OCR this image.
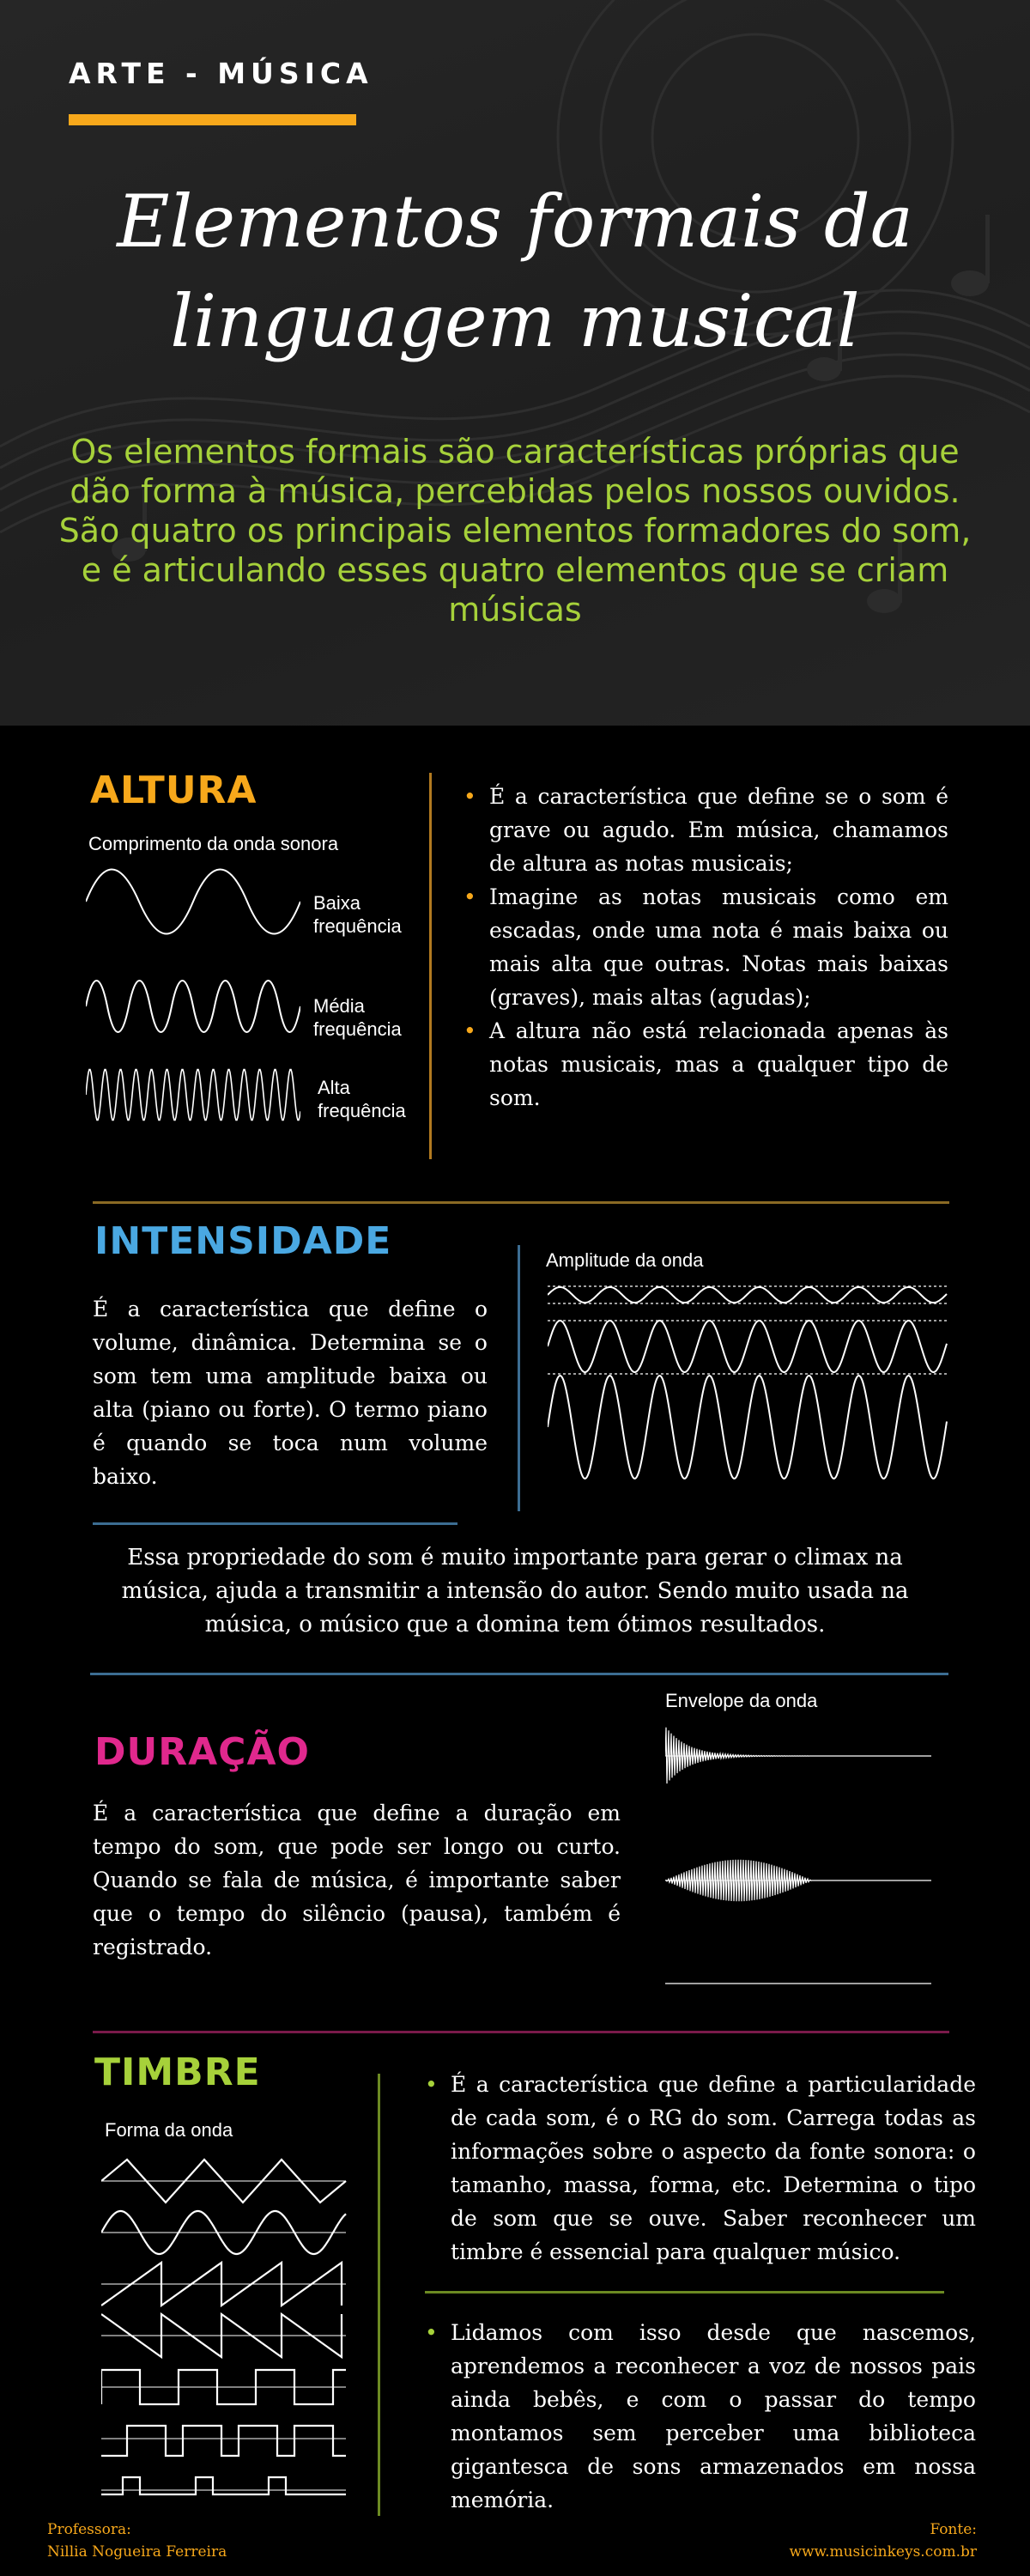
ARTE - MÚSICA
Elementos formais da
linguagem musical
Os elementos formais são características próprias que dão forma à música, percebidas pelos nossos ouvidos. São quatro os principais elementos formadores do som, e é articulando esses quatro elementos que se criam músicas
ALTURA
Comprimento da onda sonora
Baixa
frequência
Média
frequência
Alta
frequência
• É a característica que define se o som é grave ou agudo. Em música, chamamos de altura as notas musicais;
• Imagine as notas musicais como em escadas, onde uma nota é mais baixa ou mais alta que outras. Notas mais baixas (graves), mais altas (agudas);
• A altura não está relacionada apenas às notas musicais, mas a qualquer tipo de som.
INTENSIDADE
É a característica que define o volume, dinâmica. Determina se o som tem uma amplitude baixa ou alta (piano ou forte). O termo piano é quando se toca num volume baixo.
Amplitude da onda
Essa propriedade do som é muito importante para gerar o climax na música, ajuda a transmitir a intensão do autor. Sendo muito usada na música, o músico que a domina tem ótimos resultados.
Envelope da onda
DURAÇÃO
É a característica que define a duração em tempo do som, que pode ser longo ou curto. Quando se fala de música, é importante saber que o tempo do silêncio (pausa), também é registrado.
TIMBRE
Forma da onda
• É a característica que define a particularidade de cada som, é o RG do som. Carrega todas as informações sobre o aspecto da fonte sonora: o tamanho, massa, forma, etc. Determina o tipo de som que se ouve. Saber reconhecer um timbre é essencial para qualquer músico.
• Lidamos com isso desde que nascemos, aprendemos a reconhecer a voz de nossos pais ainda bebês, e com o passar do tempo montamos sem perceber uma biblioteca gigantesca de sons armazenados em nossa memória.
Professora:
Nillia Nogueira Ferreira
Fonte:
www.musicinkeys.com.br
